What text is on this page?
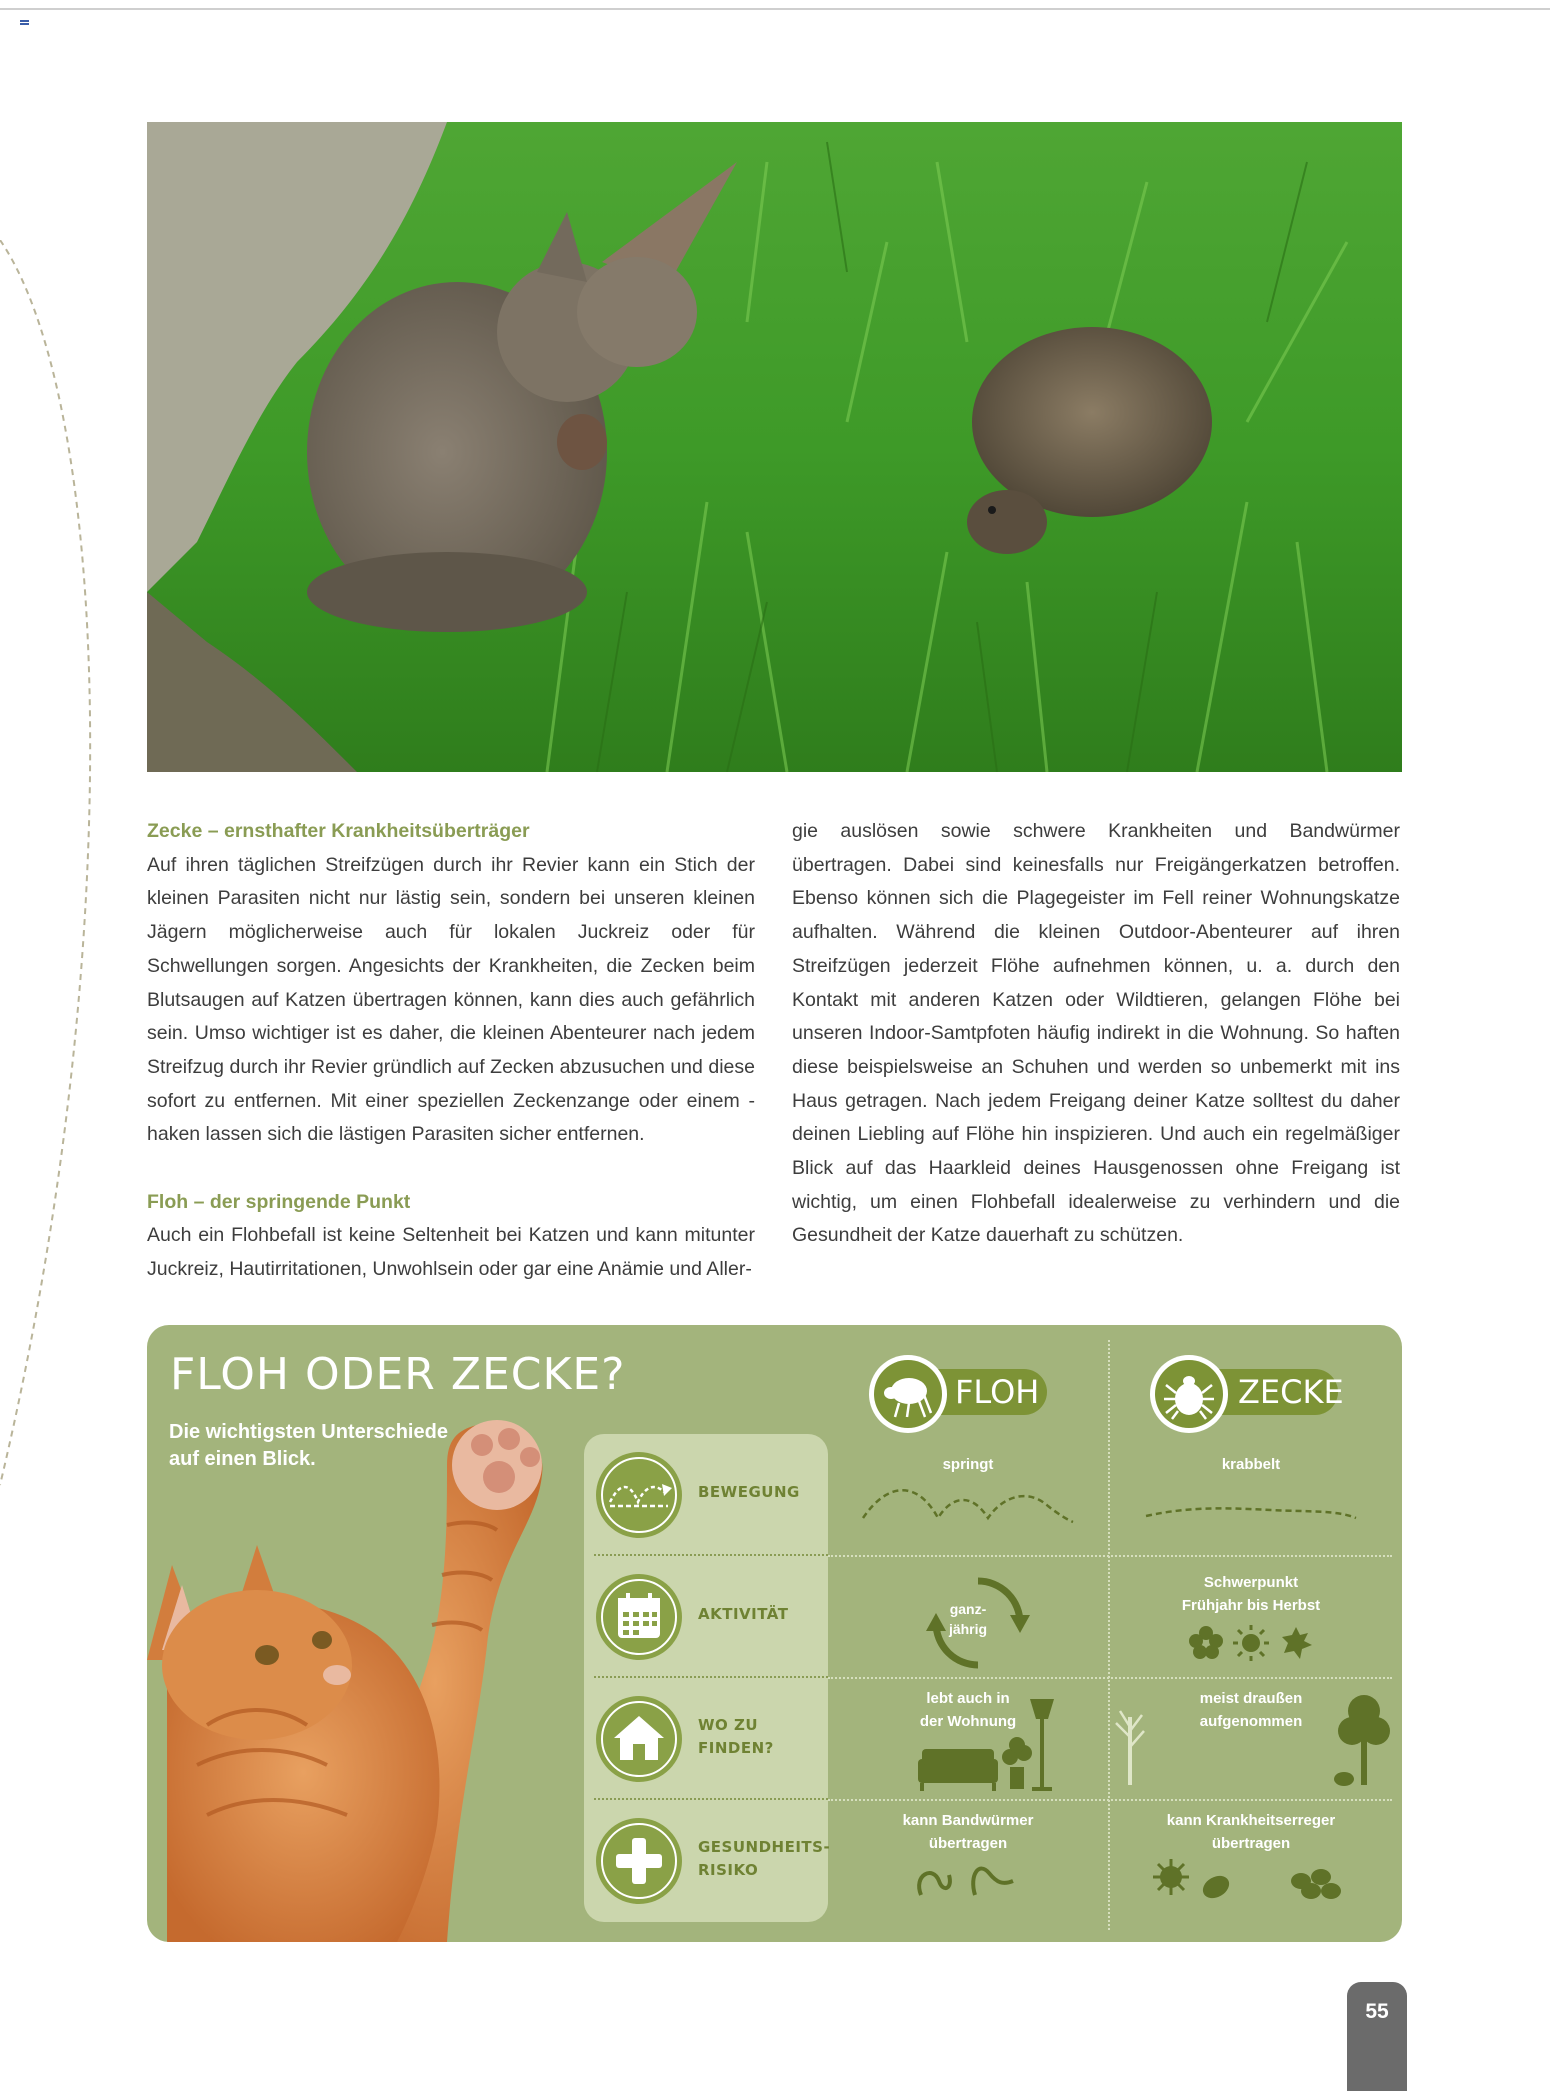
Zecke – ernsthafter Krankheitsüberträger

Auf ihren täglichen Streifzügen durch ihr Revier kann ein Stich der kleinen Parasiten nicht nur lästig sein, sondern bei unseren kleinen Jägern möglicherweise auch für lokalen Juckreiz oder für Schwellungen sorgen. Angesichts der Krankheiten, die Zecken beim Blutsaugen auf Katzen übertragen können, kann dies auch gefährlich sein. Umso wichtiger ist es daher, die kleinen Abenteurer nach jedem Streifzug durch ihr Revier gründlich auf Zecken abzusuchen und diese sofort zu entfernen. Mit einer speziellen Zeckenzange oder einem -haken lassen sich die lästigen Parasiten sicher entfernen.

Floh – der springende Punkt

Auch ein Flohbefall ist keine Seltenheit bei Katzen und kann mitunter Juckreiz, Hautirritationen, Unwohlsein oder gar eine Anämie und Aller-

gie auslösen sowie schwere Krankheiten und Bandwürmer übertragen. Dabei sind keinesfalls nur Freigängerkatzen betroffen. Ebenso können sich die Plagegeister im Fell reiner Wohnungskatze aufhalten. Während die kleinen Outdoor-Abenteurer auf ihren Streifzügen jederzeit Flöhe aufnehmen können, u. a. durch den Kontakt mit anderen Katzen oder Wildtieren, gelangen Flöhe bei unseren Indoor-Samtpfoten häufig indirekt in die Wohnung. So haften diese beispielsweise an Schuhen und werden so unbemerkt mit ins Haus getragen. Nach jedem Freigang deiner Katze solltest du daher deinen Liebling auf Flöhe hin inspizieren. Und auch ein regelmäßiger Blick auf das Haarkleid deines Hausgenossen ohne Freigang ist wichtig, um einen Flohbefall idealerweise zu verhindern und die Gesundheit der Katze dauerhaft zu schützen.

FLOH ODER ZECKE?
Die wichtigsten Unterschiede auf einen Blick.
BEWEGUNG
AKTIVITÄT
WO ZU
FINDEN?
GESUNDHEITS-
RISIKO
FLOH	ZECKE
springt	krabbelt
ganz-
jährig
Schwerpunkt
Frühjahr bis Herbst
lebt auch in
der Wohnung
meist draußen
aufgenommen
kann Bandwürmer
übertragen
kann Krankheitserreger
übertragen
55
